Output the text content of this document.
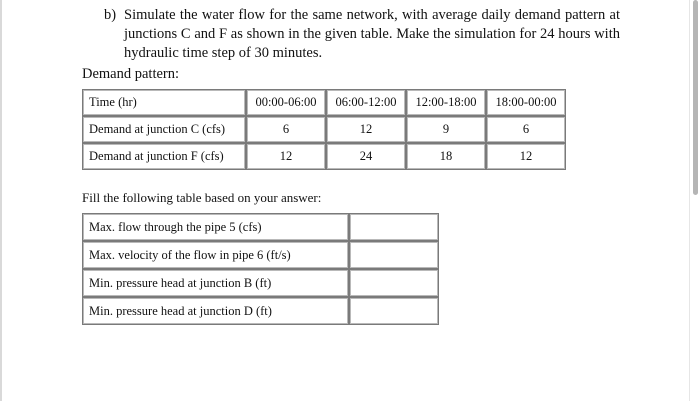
b) Simulate the water flow for the same network, with average daily demand pattern at junctions C and F as shown in the given table. Make the simulation for 24 hours with hydraulic time step of 30 minutes.
Demand pattern:
Time (hr)	00:00-06:00	06:00-12:00	12:00-18:00	18:00-00:00
Demand at junction C (cfs)	6	12	9	6
Demand at junction F (cfs)	12	24	18	12
Fill the following table based on your answer:
Max. flow through the pipe 5 (cfs)	
Max. velocity of the flow in pipe 6 (ft/s)	
Min. pressure head at junction B (ft)	
Min. pressure head at junction D (ft)	
